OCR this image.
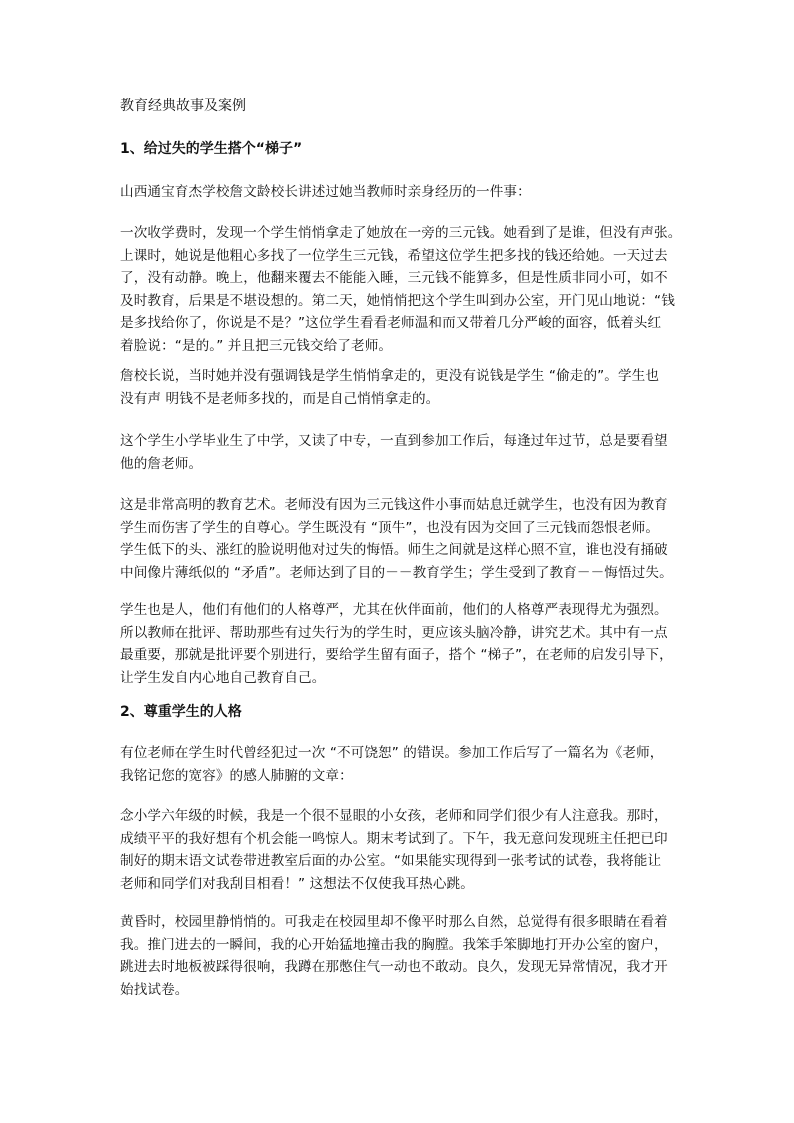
教育经典故事及案例
1、给过失的学生搭个“梯子”

山西通宝育杰学校詹文龄校长讲述过她当教师时亲身经历的一件事：

一次收学费时，发现一个学生悄悄拿走了她放在一旁的三元钱。她看到了是谁，但没有声张。
上课时，她说是他粗心多找了一位学生三元钱，希望这位学生把多找的钱还给她。一天过去
了，没有动静。晚上，他翻来覆去不能能入睡，三元钱不能算多，但是性质非同小可，如不
及时教育，后果是不堪设想的。第二天，她悄悄把这个学生叫到办公室，开门见山地说：“钱
是多找给你了，你说是不是？”这位学生看看老师温和而又带着几分严峻的面容，低着头红
着脸说：“是的。” 并且把三元钱交给了老师。

詹校长说，当时她并没有强调钱是学生悄悄拿走的，更没有说钱是学生 “偷走的”。学生也
没有声 明钱不是老师多找的，而是自己悄悄拿走的。

这个学生小学毕业生了中学，又读了中专，一直到参加工作后，每逢过年过节，总是要看望
他的詹老师。

这是非常高明的教育艺术。老师没有因为三元钱这件小事而姑息迁就学生，也没有因为教育
学生而伤害了学生的自尊心。学生既没有 “顶牛”，也没有因为交回了三元钱而怨恨老师。
学生低下的头、涨红的脸说明他对过失的悔悟。师生之间就是这样心照不宣，谁也没有捅破
中间像片薄纸似的 “矛盾”。老师达到了目的－－教育学生；学生受到了教育－－悔悟过失。

学生也是人，他们有他们的人格尊严，尤其在伙伴面前，他们的人格尊严表现得尤为强烈。
所以教师在批评、帮助那些有过失行为的学生时，更应该头脑冷静，讲究艺术。其中有一点
最重要，那就是批评要个别进行，要给学生留有面子，搭个 “梯子”，在老师的启发引导下，
让学生发自内心地自己教育自己。

2、尊重学生的人格

有位老师在学生时代曾经犯过一次 “不可饶恕” 的错误。参加工作后写了一篇名为《老师，
我铭记您的宽容》的感人肺腑的文章：

念小学六年级的时候，我是一个很不显眼的小女孩，老师和同学们很少有人注意我。那时，
成绩平平的我好想有个机会能一鸣惊人。期末考试到了。下午，我无意问发现班主任把已印
制好的期末语文试卷带进教室后面的办公室。“如果能实现得到一张考试的试卷，我将能让
老师和同学们对我刮目相看！” 这想法不仅使我耳热心跳。

黄昏时，校园里静悄悄的。可我走在校园里却不像平时那么自然，总觉得有很多眼睛在看着
我。推门进去的一瞬间，我的心开始猛地撞击我的胸膛。我笨手笨脚地打开办公室的窗户，
跳进去时地板被踩得很响，我蹲在那憋住气一动也不敢动。良久，发现无异常情况，我才开
始找试卷。
